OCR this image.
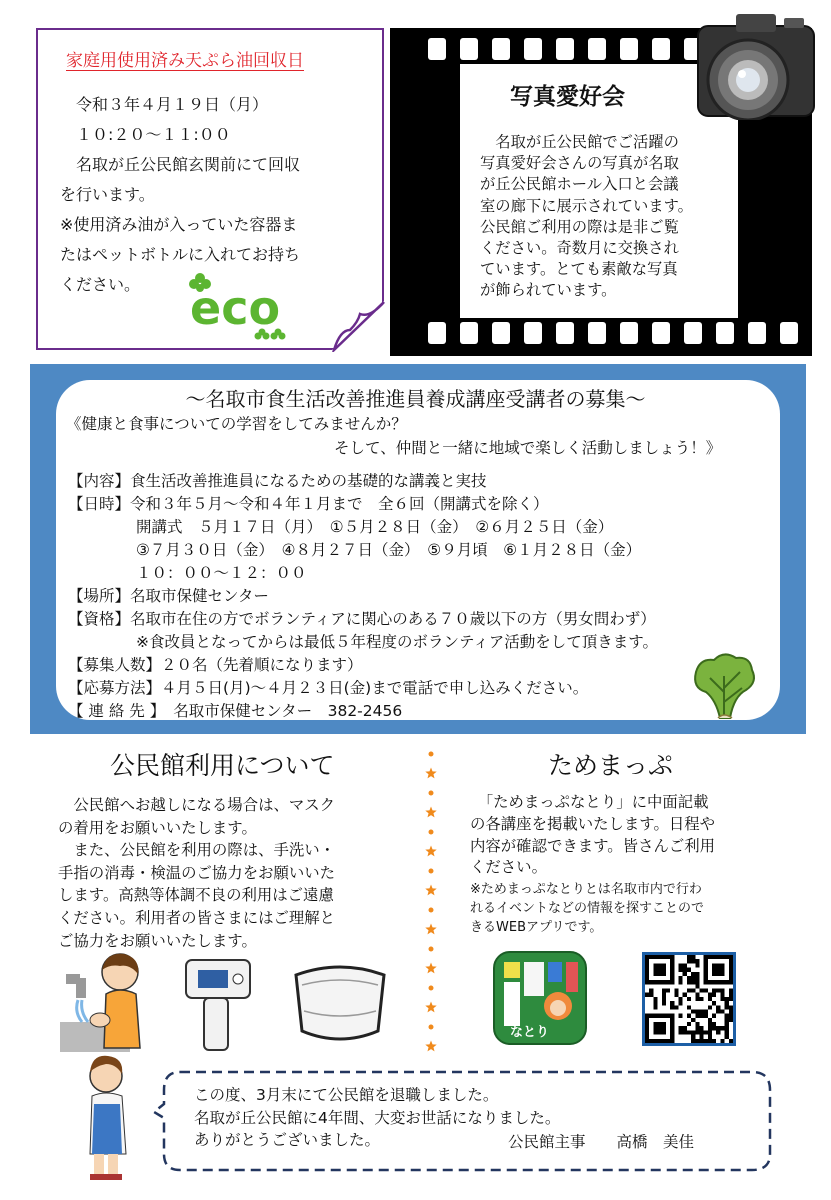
家庭用使用済み天ぷら油回収日
　令和３年４月１９日（月）
　１０:２０～１１:００
　名取が丘公民館玄関前にて回収
を行います。
※使用済み油が入っていた容器ま
たはペットボトルに入れてお持ち
ください。	eco
写真愛好会
　名取が丘公民館でご活躍の
写真愛好会さんの写真が名取
が丘公民館ホール入口と会議
室の廊下に展示されています。
公民館ご利用の際は是非ご覧
ください。奇数月に交換され
ています。とても素敵な写真
が飾られています。
～名取市食生活改善推進員養成講座受講者の募集～
《健康と食事についての学習をしてみませんか？
そして、仲間と一緒に地域で楽しく活動しましょう！》
【内容】食生活改善推進員になるための基礎的な講義と実技
【日時】令和３年５月～令和４年１月まで　全６回（開講式を除く）
開講式　５月１７日（月）　①５月２８日（金）　②６月２５日（金）
③７月３０日（金）　④８月２７日（金）　⑤９月頃　⑥１月２８日（金）
１０：００～１２：００
【場所】名取市保健センター
【資格】名取市在住の方でボランティアに関心のある７０歳以下の方（男女問わず）
※食改員となってからは最低５年程度のボランティア活動をして頂きます。
【募集人数】２０名（先着順になります）
【応募方法】４月５日(月)～４月２３日(金)まで電話で申し込みください。
【 連 絡 先 】 名取市保健センター　382-2456
公民館利用について
　公民館へお越しになる場合は、マスク
の着用をお願いいたします。
　また、公民館を利用の際は、手洗い・
手指の消毒・検温のご協力をお願いいた
します。高熱等体調不良の利用はご遠慮
ください。利用者の皆さまにはご理解と
ご協力をお願いいたします。
ためまっぷ
　「ためまっぷなとり」に中面記載
の各講座を掲載いたします。日程や
内容が確認できます。皆さんご利用
ください。
※ためまっぷなとりとは名取市内で行わ
れるイベントなどの情報を探すことので
きるWEBアプリです。
なとり
この度、3月末にて公民館を退職しました。
名取が丘公民館に4年間、大変お世話になりました。
ありがとうございました。	公民館主事　　高橋　美佳
